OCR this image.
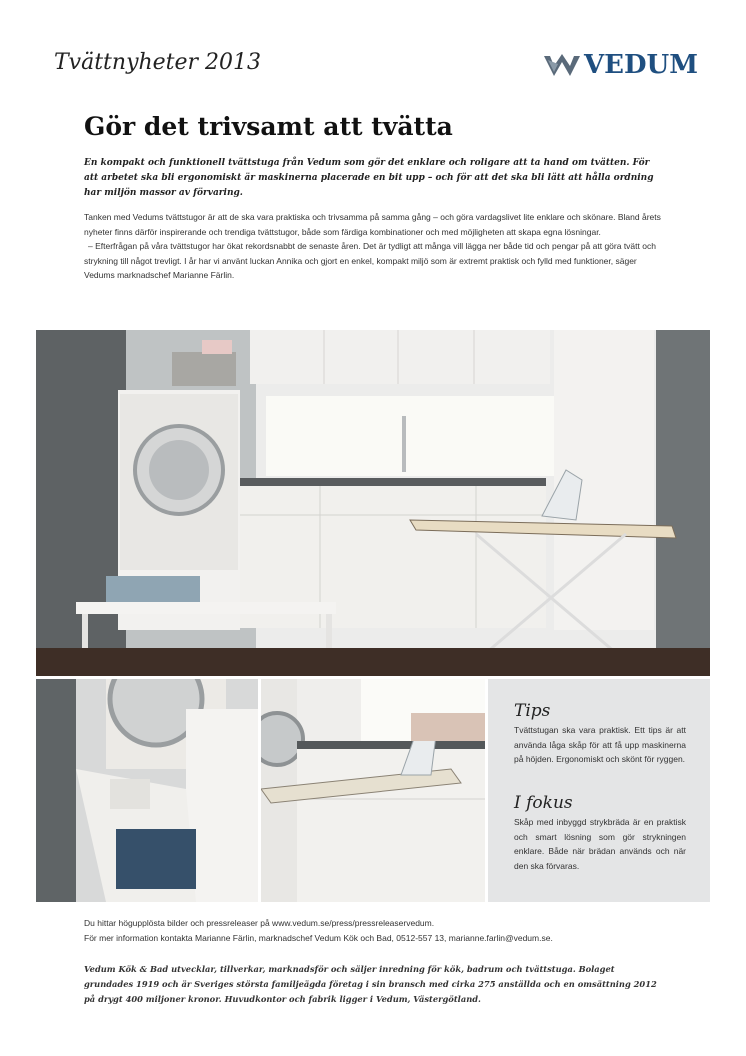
Tvättnyheter 2013	VEDUM
Gör det trivsamt att tvätta

En kompakt och funktionell tvättstuga från Vedum som gör det enklare och roligare att ta hand om tvätten. För att arbetet ska bli ergonomiskt är maskinerna placerade en bit upp – och för att det ska bli lätt att hålla ordning har miljön massor av förvaring.

Tanken med Vedums tvättstugor är att de ska vara praktiska och trivsamma på samma gång – och göra vardagslivet lite enklare och skönare. Bland årets nyheter finns därför inspirerande och trendiga tvättstugor, både som färdiga kombinationer och med möjligheten att skapa egna lösningar.

– Efterfrågan på våra tvättstugor har ökat rekordsnabbt de senaste åren. Det är tydligt att många vill lägga ner både tid och pengar på att göra tvätt och strykning till något trevligt. I år har vi använt luckan Annika och gjort en enkel, kompakt miljö som är extremt praktisk och fylld med funktioner, säger Vedums marknadschef Marianne Färlin.

Tips

Tvättstugan ska vara praktisk. Ett tips är att använda låga skåp för att få upp maskinerna på höjden. Ergonomiskt och skönt för ryggen.

I fokus

Skåp med inbyggd strykbräda är en praktisk och smart lösning som gör strykningen enklare. Både när brädan används och när den ska förvaras.

Du hittar högupplösta bilder och pressreleaser på www.vedum.se/press/pressreleaservedum.
För mer information kontakta Marianne Färlin, marknadschef Vedum Kök och Bad, 0512-557 13, marianne.farlin@vedum.se.

Vedum Kök & Bad utvecklar, tillverkar, marknadsför och säljer inredning för kök, badrum och tvättstuga. Bolaget grundades 1919 och är Sveriges största familjeägda företag i sin bransch med cirka 275 anställda och en omsättning 2012 på drygt 400 miljoner kronor. Huvudkontor och fabrik ligger i Vedum, Västergötland.
